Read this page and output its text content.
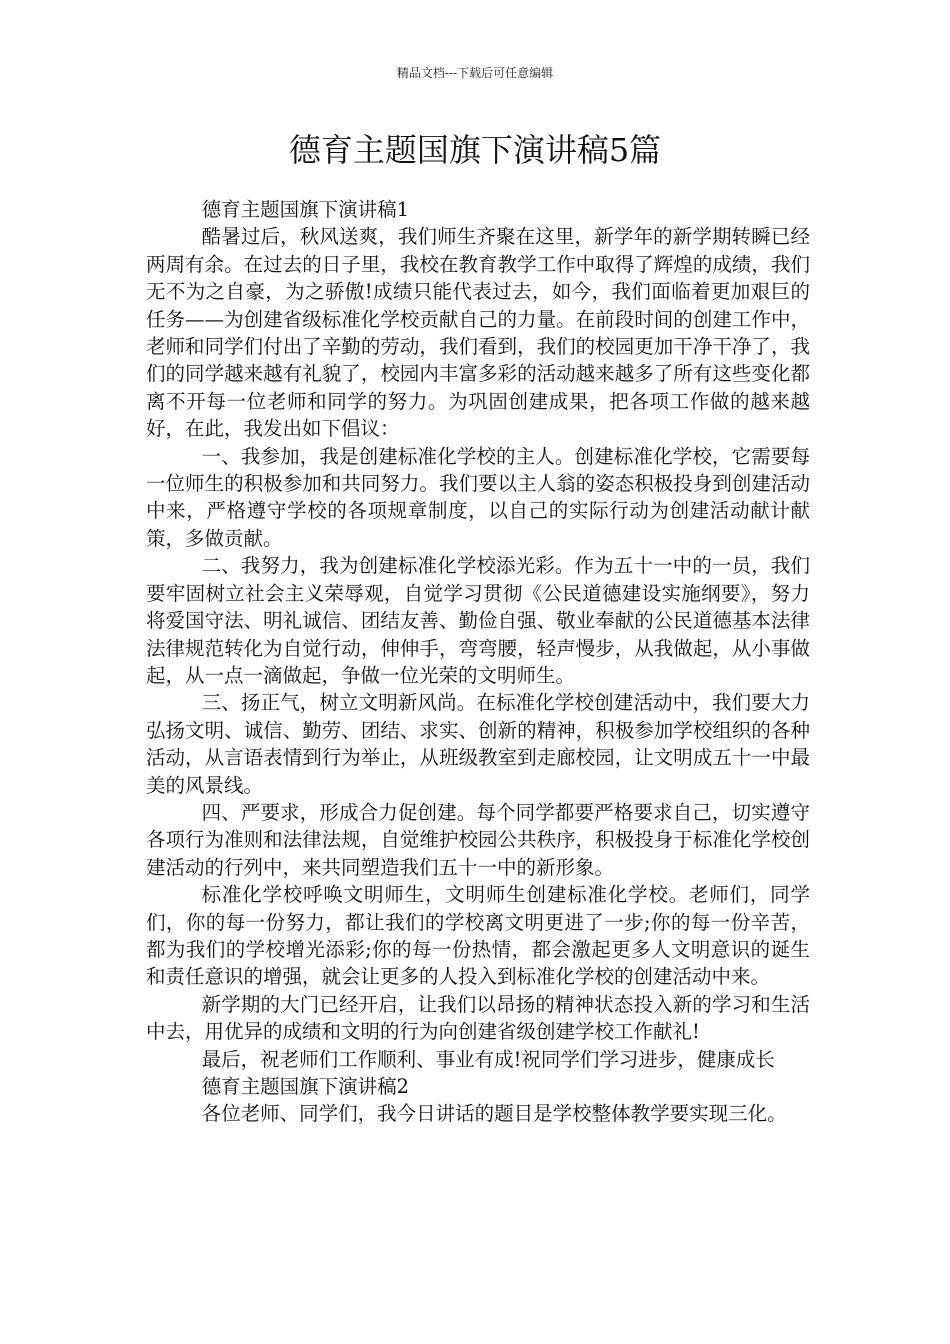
精品文档---下载后可任意编辑
德育主题国旗下演讲稿5篇

德育主题国旗下演讲稿1

酷暑过后，秋风送爽，我们师生齐聚在这里，新学年的新学期转瞬已经两周有余。在过去的日子里，我校在教育教学工作中取得了辉煌的成绩，我们无不为之自豪，为之骄傲!成绩只能代表过去，如今，我们面临着更加艰巨的任务——为创建省级标准化学校贡献自己的力量。在前段时间的创建工作中，老师和同学们付出了辛勤的劳动，我们看到，我们的校园更加干净干净了，我们的同学越来越有礼貌了，校园内丰富多彩的活动越来越多了所有这些变化都离不开每一位老师和同学的努力。为巩固创建成果，把各项工作做的越来越好，在此，我发出如下倡议：

一、我参加，我是创建标准化学校的主人。创建标准化学校，它需要每一位师生的积极参加和共同努力。我们要以主人翁的姿态积极投身到创建活动中来，严格遵守学校的各项规章制度，以自己的实际行动为创建活动献计献策，多做贡献。

二、我努力，我为创建标准化学校添光彩。作为五十一中的一员，我们要牢固树立社会主义荣辱观，自觉学习贯彻《公民道德建设实施纲要》，努力将爱国守法、明礼诚信、团结友善、勤俭自强、敬业奉献的公民道德基本法律法律规范转化为自觉行动，伸伸手，弯弯腰，轻声慢步，从我做起，从小事做起，从一点一滴做起，争做一位光荣的文明师生。

三、扬正气，树立文明新风尚。在标准化学校创建活动中，我们要大力弘扬文明、诚信、勤劳、团结、求实、创新的精神，积极参加学校组织的各种活动，从言语表情到行为举止，从班级教室到走廊校园，让文明成五十一中最美的风景线。

四、严要求，形成合力促创建。每个同学都要严格要求自己，切实遵守各项行为准则和法律法规，自觉维护校园公共秩序，积极投身于标准化学校创建活动的行列中，来共同塑造我们五十一中的新形象。

标准化学校呼唤文明师生，文明师生创建标准化学校。老师们，同学们，你的每一份努力，都让我们的学校离文明更进了一步;你的每一份辛苦，都为我们的学校增光添彩;你的每一份热情，都会激起更多人文明意识的诞生和责任意识的增强，就会让更多的人投入到标准化学校的创建活动中来。

新学期的大门已经开启，让我们以昂扬的精神状态投入新的学习和生活中去，用优异的成绩和文明的行为向创建省级创建学校工作献礼!

最后，祝老师们工作顺利、事业有成!祝同学们学习进步，健康成长

德育主题国旗下演讲稿2

各位老师、同学们，我今日讲话的题目是学校整体教学要实现三化。
